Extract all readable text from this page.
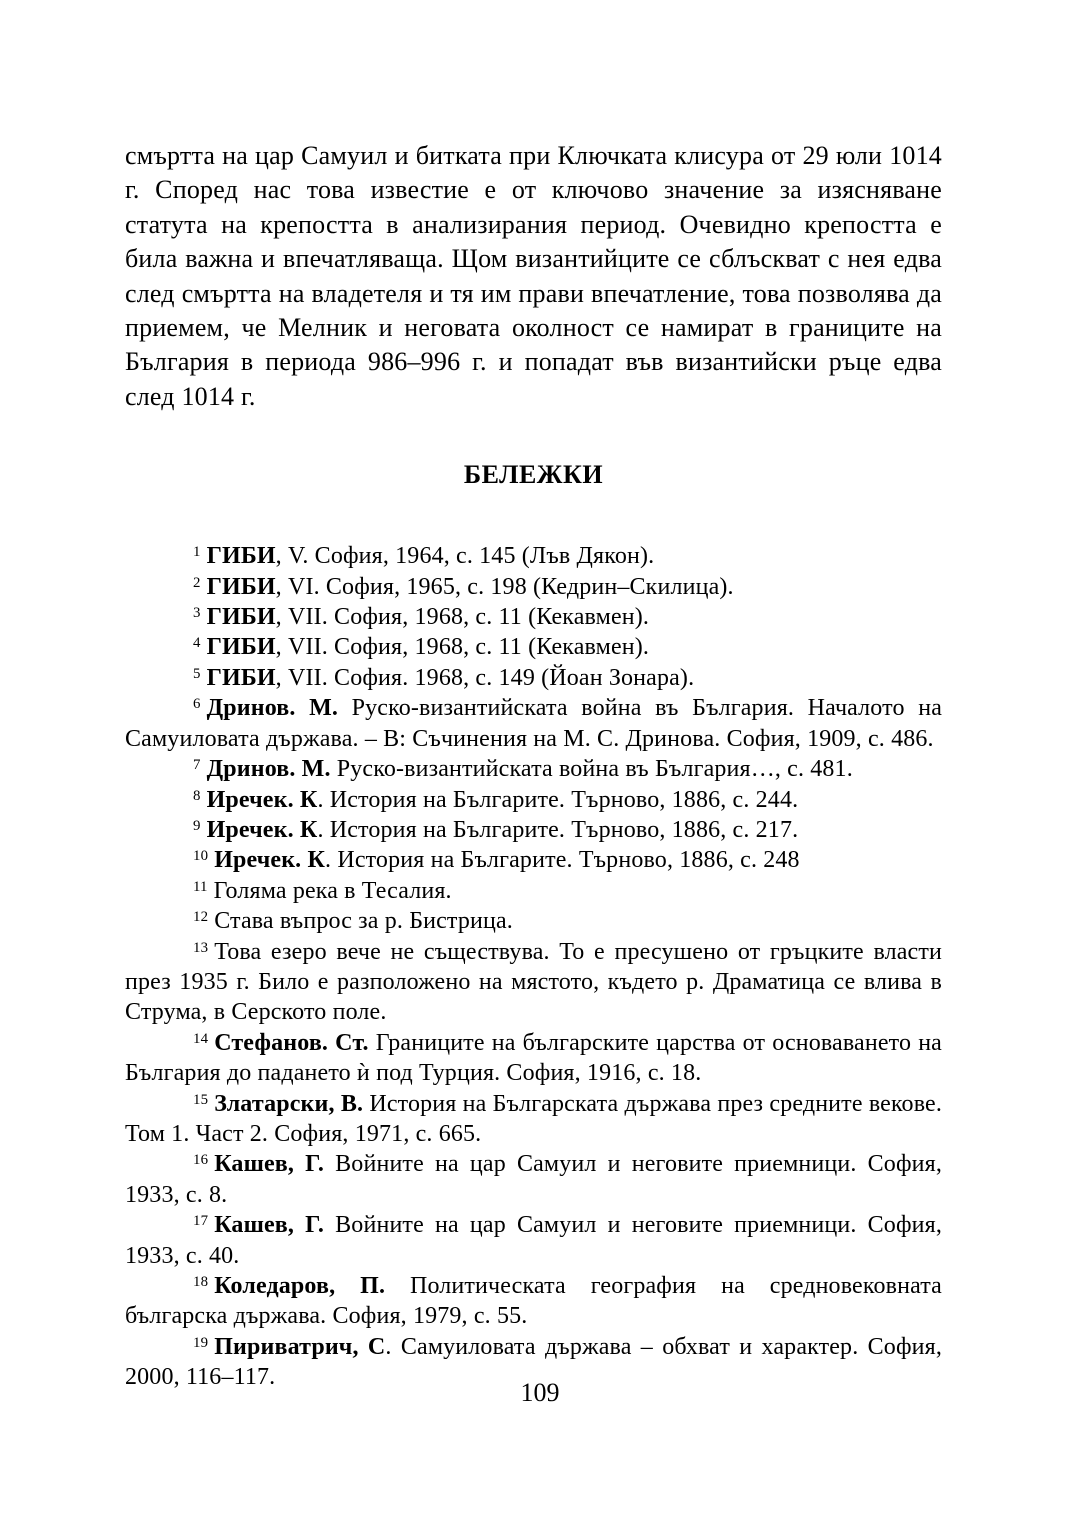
смъртта на цар Самуил и битката при Ключката клисура от 29 юли 1014 г. Според нас това известие е от ключово значение за изясняване статута на крепостта в анализирания период. Очевидно крепостта е била важна и впечатляваща. Щом византийците се сблъскват с нея едва след смъртта на владетеля и тя им прави впечатление, това позволява да приемем, че Мелник и неговата околност се намират в границите на България в периода 986–996 г. и попадат във византийски ръце едва след 1014 г.

БЕЛЕЖКИ

$^1$ ГИБИ, V. София, 1964, с. 145 (Лъв Дякон).

$^2$ ГИБИ, VI. София, 1965, с. 198 (Кедрин–Скилица).

$^3$ ГИБИ, VII. София, 1968, с. 11 (Кекавмен).

$^4$ ГИБИ, VII. София, 1968, с. 11 (Кекавмен).

$^5$ ГИБИ, VII. София. 1968, с. 149 (Йоан Зонара).

$^6$ Дринов. М. Руско-византийската война въ България. Началото на Самуиловата държава. – В: Съчинения на М. С. Дринова. София, 1909, с. 486.

$^7$ Дринов. М. Руско-византийската война въ България…, с. 481.

$^8$ Иречек. К. История на Българите. Търново, 1886, с. 244.

$^9$ Иречек. К. История на Българите. Търново, 1886, с. 217.

$^{10}$ Иречек. К. История на Българите. Търново, 1886, с. 248

$^{11}$ Голяма река в Тесалия.

$^{12}$ Става въпрос за р. Бистрица.

$^{13}$ Това езеро вече не съществува. То е пресушено от гръцките власти през 1935 г. Било е разположено на мястото, където р. Драматица се влива в Струма, в Серското поле.

$^{14}$ Стефанов. Ст. Границите на българските царства от основаването на България до падането ѝ под Турция. София, 1916, с. 18.

$^{15}$ Златарски, В. История на Българската държава през средните векове. Том 1. Част 2. София, 1971, с. 665.

$^{16}$ Кашев, Г. Войните на цар Самуил и неговите приемници. София, 1933, с. 8.

$^{17}$ Кашев, Г. Войните на цар Самуил и неговите приемници. София, 1933, с. 40.

$^{18}$ Коледаров, П. Политическата география на средновековната българска държава. София, 1979, с. 55.

$^{19}$ Пириватрич, С. Самуиловата държава – обхват и характер. София, 2000, 116–117.

109
